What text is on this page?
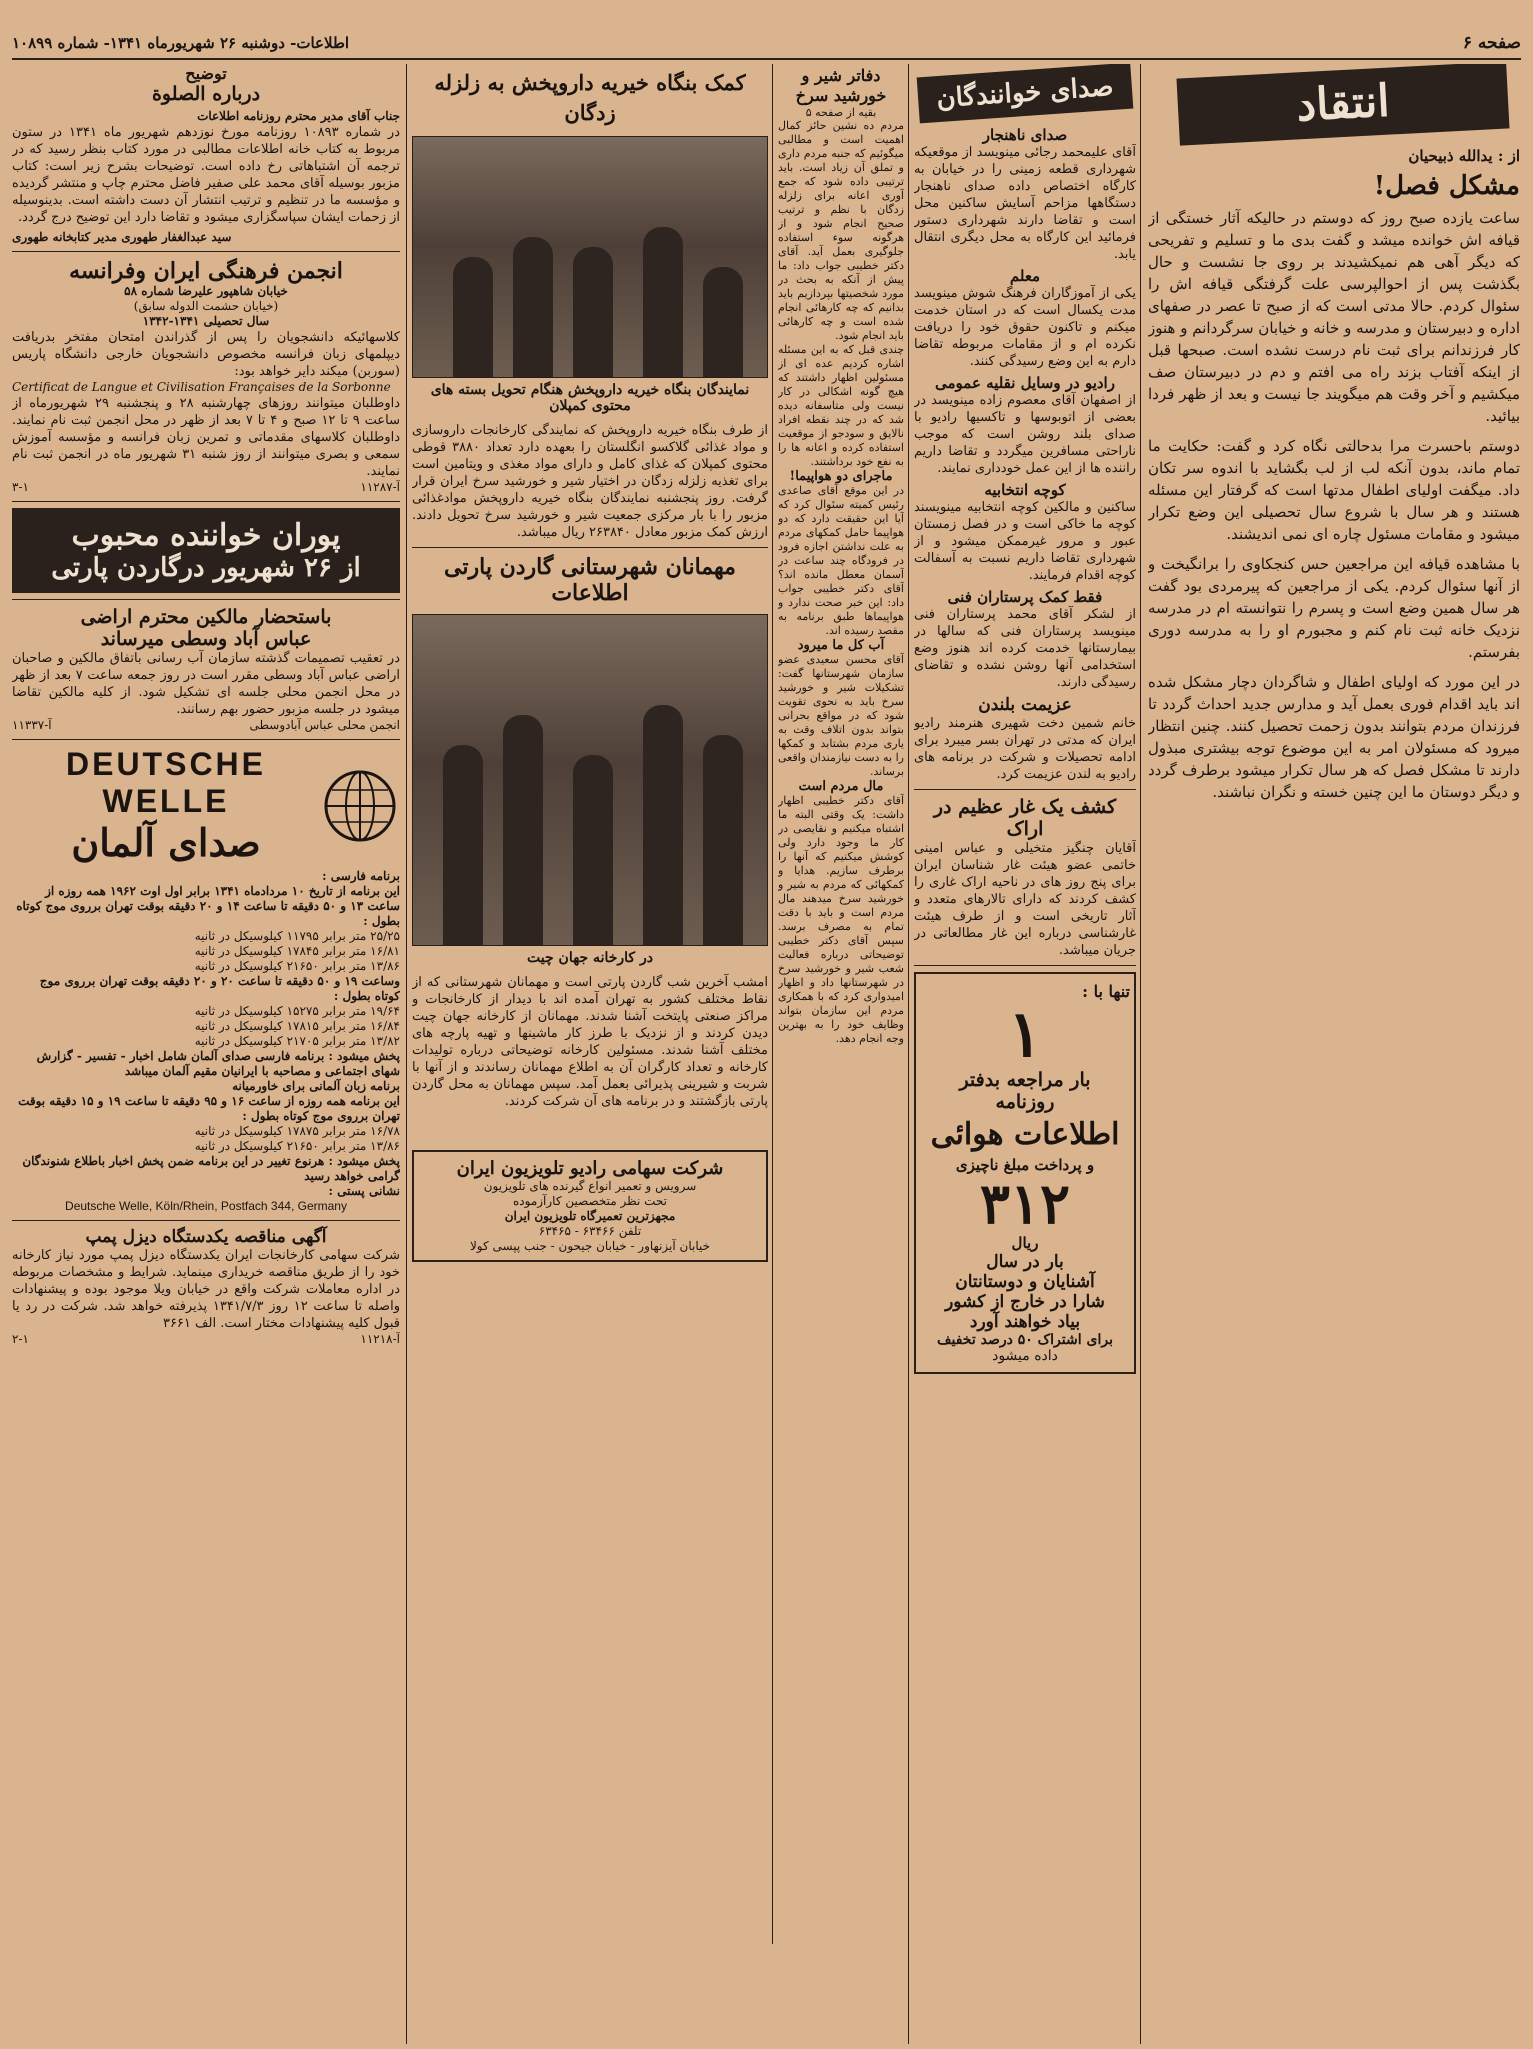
صفحه ۶
اطلاعات- دوشنبه ۲۶ شهریورماه ۱۳۴۱- شماره ۱۰۸۹۹
انتقاد
از : یدالله ذبیحیان
مشکل فصل!
ساعت یازده صبح روز که دوستم در حالیکه آثار خستگی از قیافه اش خوانده میشد و گفت بدی ما و تسلیم و تفریحی که دیگر آهی هم نمیکشیدند بر روی جا نشست و حال بگذشت پس از احوالپرسی علت گرفتگی قیافه اش را سئوال کردم. حالا مدتی است که از صبح تا عصر در صفهای اداره و دبیرستان و مدرسه و خانه و خیابان سرگردانم و هنوز کار فرزندانم برای ثبت نام درست نشده است. صبحها قبل از اینکه آفتاب بزند راه می افتم و دم در دبیرستان صف میکشیم و آخر وقت هم میگویند جا نیست و بعد از ظهر فردا بیائید.
دوستم باحسرت مرا بدحالتی نگاه کرد و گفت: حکایت ما تمام ماند، بدون آنکه لب از لب بگشاید با اندوه سر تکان داد. میگفت اولیای اطفال مدتها است که گرفتار این مسئله هستند و هر سال با شروع سال تحصیلی این وضع تکرار میشود و مقامات مسئول چاره ای نمی اندیشند.
با مشاهده قیافه این مراجعین حس کنجکاوی را برانگیخت و از آنها سئوال کردم. یکی از مراجعین که پیرمردی بود گفت هر سال همین وضع است و پسرم را نتوانسته ام در مدرسه نزدیک خانه ثبت نام کنم و مجبورم او را به مدرسه دوری بفرستم.
در این مورد که اولیای اطفال و شاگردان دچار مشکل شده اند باید اقدام فوری بعمل آید و مدارس جدید احداث گردد تا فرزندان مردم بتوانند بدون زحمت تحصیل کنند. چنین انتظار میرود که مسئولان امر به این موضوع توجه بیشتری مبذول دارند تا مشکل فصل که هر سال تکرار میشود برطرف گردد و دیگر دوستان ما این چنین خسته و نگران نباشند.
صدای خوانندگان
صدای ناهنجار
آقای علیمحمد رجائی مینویسد از موقعیکه شهرداری قطعه زمینی را در خیابان به کارگاه اختصاص داده صدای ناهنجار دستگاهها مزاحم آسایش ساکنین محل است و تقاضا دارند شهرداری دستور فرمائید این کارگاه به محل دیگری انتقال یابد.
معلم
یکی از آموزگاران فرهنگ شوش مینویسد مدت یکسال است که در استان خدمت میکنم و تاکنون حقوق خود را دریافت نکرده ام و از مقامات مربوطه تقاضا دارم به این وضع رسیدگی کنند.
رادیو در وسایل نقلیه عمومی
از اصفهان آقای معصوم زاده مینویسد در بعضی از اتوبوسها و تاکسیها رادیو با صدای بلند روشن است که موجب ناراحتی مسافرین میگردد و تقاضا داریم راننده ها از این عمل خودداری نمایند.
کوچه انتخابیه
ساکنین و مالکین کوچه انتخابیه مینویسند کوچه ما خاکی است و در فصل زمستان عبور و مرور غیرممکن میشود و از شهرداری تقاضا داریم نسبت به آسفالت کوچه اقدام فرمایند.
فقط کمک پرستاران فنی
از لشکر آقای محمد پرستاران فنی مینویسد پرستاران فنی که سالها در بیمارستانها خدمت کرده اند هنوز وضع استخدامی آنها روشن نشده و تقاضای رسیدگی دارند.
عزیمت بلندن
خانم شمین دخت شهیری هنرمند رادیو ایران که مدتی در تهران بسر میبرد برای ادامه تحصیلات و شرکت در برنامه های رادیو به لندن عزیمت کرد.
کشف یک غار عظیم در اراک
آقایان چنگیز متخیلی و عباس امینی خاتمی عضو هیئت غار شناسان ایران برای پنج روز های در ناحیه اراک غاری را کشف کردند که دارای تالارهای متعدد و آثار تاریخی است و از طرف هیئت غارشناسی درباره این غار مطالعاتی در جریان میباشد.
تنها با :
۱
بار مراجعه بدفتر
روزنامه
اطلاعات هوائی
و پرداخت مبلغ ناچیزی
۳۱۲
ریال
بار در سال
آشنایان و دوستانتان
شارا در خارج از کشور
بیاد خواهند آورد
برای اشتراک ۵۰ درصد تخفیف
داده میشود
کمک بنگاه خیریه داروپخش به زلزله زدگان
نمایندگان بنگاه خیریه داروپخش هنگام تحویل بسته های محتوی کمپلان
از طرف بنگاه خیریه داروپخش که نمایندگی کارخانجات داروسازی و مواد غذائی گلاکسو انگلستان را بعهده دارد تعداد ۳۸۸۰ قوطی محتوی کمپلان که غذای کامل و دارای مواد مغذی و ویتامین است برای تغذیه زلزله زدگان در اختیار شیر و خورشید سرخ ایران قرار گرفت. روز پنجشنبه نمایندگان بنگاه خیریه داروپخش موادغذائی مزبور را با بار مرکزی جمعیت شیر و خورشید سرخ تحویل دادند. ارزش کمک مزبور معادل ۲۶۳۸۴۰ ریال میباشد.
مهمانان شهرستانی گاردن پارتی اطلاعات
در کارخانه جهان چیت
امشب آخرین شب گاردن پارتی است و مهمانان شهرستانی که از نقاط مختلف کشور به تهران آمده اند با دیدار از کارخانجات و مراکز صنعتی پایتخت آشنا شدند. مهمانان از کارخانه جهان چیت دیدن کردند و از نزدیک با طرز کار ماشینها و تهیه پارچه های مختلف آشنا شدند. مسئولین کارخانه توضیحاتی درباره تولیدات کارخانه و تعداد کارگران آن به اطلاع مهمانان رساندند و از آنها با شربت و شیرینی پذیرائی بعمل آمد. سپس مهمانان به محل گاردن پارتی بازگشتند و در برنامه های آن شرکت کردند.
شرکت سهامی رادیو تلویزیون ایران
سرویس و تعمیر انواع گیرنده های تلویزیون
تحت نظر متخصصین کارآزموده
مجهزترین تعمیرگاه تلویزیون ایران
تلفن ۶۳۴۶۶ - ۶۳۴۶۵
خیابان آیزنهاور - خیابان جیحون - جنب پپسی کولا
توضیح
درباره الصلوة
جناب آقای مدیر محترم روزنامه اطلاعات
در شماره ۱۰۸۹۳ روزنامه مورخ نوزدهم شهریور ماه ۱۳۴۱ در ستون مربوط به کتاب خانه اطلاعات مطالبی در مورد کتاب بنظر رسید که در ترجمه آن اشتباهاتی رخ داده است. توضیحات بشرح زیر است: کتاب مزبور بوسیله آقای محمد علی صفیر فاضل محترم چاپ و منتشر گردیده و مؤسسه ما در تنظیم و ترتیب انتشار آن دست داشته است. بدینوسیله از زحمات ایشان سپاسگزاری میشود و تقاضا دارد این توضیح درج گردد.
سید عبدالغفار طهوری مدیر کتابخانه طهوری
انجمن فرهنگی ایران وفرانسه
خیابان شاهپور علیرضا شماره ۵۸
(خیابان حشمت الدوله سابق)
سال تحصیلی ۱۳۴۱-۱۳۴۲
کلاسهائیکه دانشجویان را پس از گذراندن امتحان مفتخر بدریافت دیپلمهای زبان فرانسه مخصوص دانشجویان خارجی دانشگاه پاریس (سوربن) میکند دایر خواهد بود:
Certificat de Langue et Civilisation Françaises de la Sorbonne
داوطلبان میتوانند روزهای چهارشنبه ۲۸ و پنجشنبه ۲۹ شهریورماه از ساعت ۹ تا ۱۲ صبح و ۴ تا ۷ بعد از ظهر در محل انجمن ثبت نام نمایند. داوطلبان کلاسهای مقدماتی و تمرین زبان فرانسه و مؤسسه آموزش سمعی و بصری میتوانند از روز شنبه ۳۱ شهریور ماه در انجمن ثبت نام نمایند.
آ-۱۱۲۸۷
۳-۱
پوران خواننده محبوب
از ۲۶ شهریور درگاردن پارتی
باستحضار مالکین محترم اراضی
عباس آباد وسطی میرساند
در تعقیب تصمیمات گذشته سازمان آب رسانی باتفاق مالکین و صاحبان اراضی عباس آباد وسطی مقرر است در روز جمعه ساعت ۷ بعد از ظهر در محل انجمن محلی جلسه ای تشکیل شود. از کلیه مالکین تقاضا میشود در جلسه مزبور حضور بهم رسانند.
انجمن محلی عباس آبادوسطی
آ-۱۱۳۳۷
DEUTSCHE WELLE
صدای آلمان
برنامه فارسی :
این برنامه از تاریخ ۱۰ مردادماه ۱۳۴۱ برابر اول اوت ۱۹۶۲ همه روزه از ساعت ۱۳ و ۵۰ دقیقه تا ساعت ۱۴ و ۲۰ دقیقه بوقت تهران برروی موج کوتاه بطول :
۲۵/۲۵ متر برابر ۱۱۷۹۵ کیلوسیکل در ثانیه
۱۶/۸۱ متر برابر ۱۷۸۴۵ کیلوسیکل در ثانیه
۱۳/۸۶ متر برابر ۲۱۶۵۰ کیلوسیکل در ثانیه
وساعت ۱۹ و ۵۰ دقیقه تا ساعت ۲۰ و ۲۰ دقیقه بوقت تهران برروی موج کوتاه بطول :
۱۹/۶۴ متر برابر ۱۵۲۷۵ کیلوسیکل در ثانیه
۱۶/۸۴ متر برابر ۱۷۸۱۵ کیلوسیکل در ثانیه
۱۳/۸۲ متر برابر ۲۱۷۰۵ کیلوسیکل در ثانیه
پخش میشود : برنامه فارسی صدای آلمان شامل اخبار - تفسیر - گزارش شهای اجتماعی و مصاحبه با ایرانیان مقیم آلمان میباشد
برنامه زبان آلمانی برای خاورمیانه
این برنامه همه روزه از ساعت ۱۶ و ۹۵ دقیقه تا ساعت ۱۹ و ۱۵ دقیقه بوقت تهران برروی موج کوتاه بطول :
۱۶/۷۸ متر برابر ۱۷۸۷۵ کیلوسیکل در ثانیه
۱۳/۸۶ متر برابر ۲۱۶۵۰ کیلوسیکل در ثانیه
پخش میشود : هرنوع تغییر در این برنامه ضمن پخش اخبار باطلاع شنوندگان گرامی خواهد رسید
نشانی پستی :
Deutsche Welle, Köln/Rhein, Postfach 344, Germany
آگهی مناقصه یکدستگاه دیزل پمپ
شرکت سهامی کارخانجات ایران یکدستگاه دیزل پمپ مورد نیاز کارخانه خود را از طریق مناقصه خریداری مینماید. شرایط و مشخصات مربوطه در اداره معاملات شرکت واقع در خیابان ویلا موجود بوده و پیشنهادات واصله تا ساعت ۱۲ روز ۱۳۴۱/۷/۳ پذیرفته خواهد شد. شرکت در رد یا قبول کلیه پیشنهادات مختار است. الف ۳۶۶۱
آ-۱۱۲۱۸
۲-۱
دفاتر شیر و خورشید سرخ
بقیه از صفحه ۵
مردم ده نشین حائز کمال اهمیت است و مطالبی میگوئیم که جنبه مردم داری و تملق آن زیاد است. باید ترتیبی داده شود که جمع آوری اعانه برای زلزله زدگان با نظم و ترتیب صحیح انجام شود و از هرگونه سوء استفاده جلوگیری بعمل آید. آقای دکتر خطیبی جواب داد: ما پیش از آنکه به بحث در مورد شخصیتها بپردازیم باید بدانیم که چه کارهائی انجام شده است و چه کارهائی باید انجام شود.
چندی قبل که به این مسئله اشاره کردیم عده ای از مسئولین اظهار داشتند که هیچ گونه اشکالی در کار نیست ولی متاسفانه دیده شد که در چند نقطه افراد نالایق و سودجو از موقعیت استفاده کرده و اعانه ها را به نفع خود برداشتند.
ماجرای دو هواپیما!
در این موقع آقای صاعدی رئیس کمیته سئوال کرد که آیا این حقیقت دارد که دو هواپیما حامل کمکهای مردم به علت نداشتن اجازه فرود در فرودگاه چند ساعت در آسمان معطل مانده اند؟ آقای دکتر خطیبی جواب داد: این خبر صحت ندارد و هواپیماها طبق برنامه به مقصد رسیده اند.
آب کل ما میرود
آقای محسن سعیدی عضو سازمان شهرستانها گفت: تشکیلات شیر و خورشید سرخ باید به نحوی تقویت شود که در مواقع بحرانی بتواند بدون اتلاف وقت به یاری مردم بشتابد و کمکها را به دست نیازمندان واقعی برساند.
مال مردم است
آقای دکتر خطیبی اظهار داشت: یک وقتی البته ما اشتباه میکنیم و نقایصی در کار ما وجود دارد ولی کوشش میکنیم که آنها را برطرف سازیم. هدایا و کمکهائی که مردم به شیر و خورشید سرخ میدهند مال مردم است و باید با دقت تمام به مصرف برسد. سپس آقای دکتر خطیبی توضیحاتی درباره فعالیت شعب شیر و خورشید سرخ در شهرستانها داد و اظهار امیدواری کرد که با همکاری مردم این سازمان بتواند وظایف خود را به بهترین وجه انجام دهد.
